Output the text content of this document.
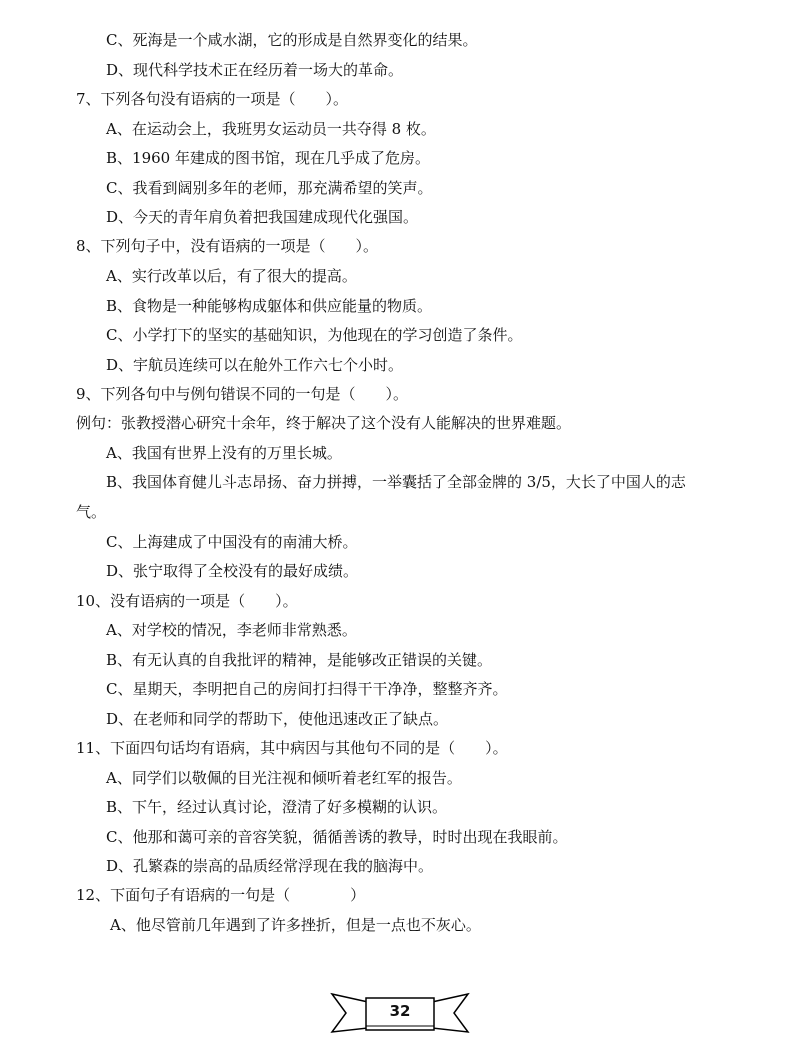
C、死海是一个咸水湖，它的形成是自然界变化的结果。
D、现代科学技术正在经历着一场大的革命。
7、下列各句没有语病的一项是（　　）。
A、在运动会上，我班男女运动员一共夺得 8 枚。
B、1960 年建成的图书馆，现在几乎成了危房。
C、我看到阔别多年的老师，那充满希望的笑声。
D、今天的青年肩负着把我国建成现代化强国。
8、下列句子中，没有语病的一项是（　　）。
A、实行改革以后，有了很大的提高。
B、食物是一种能够构成躯体和供应能量的物质。
C、小学打下的坚实的基础知识，为他现在的学习创造了条件。
D、宇航员连续可以在舱外工作六七个小时。
9、下列各句中与例句错误不同的一句是（　　）。
例句：张教授潜心研究十余年，终于解决了这个没有人能解决的世界难题。
A、我国有世界上没有的万里长城。
B、我国体育健儿斗志昂扬、奋力拼搏，一举囊括了全部金牌的 3/5，大长了中国人的志
气。
C、上海建成了中国没有的南浦大桥。
D、张宁取得了全校没有的最好成绩。
10、没有语病的一项是（　　）。
A、对学校的情况，李老师非常熟悉。
B、有无认真的自我批评的精神，是能够改正错误的关键。
C、星期天，李明把自己的房间打扫得干干净净，整整齐齐。
D、在老师和同学的帮助下，使他迅速改正了缺点。
11、下面四句话均有语病，其中病因与其他句不同的是（　　）。
A、同学们以敬佩的目光注视和倾听着老红军的报告。
B、下午，经过认真讨论，澄清了好多模糊的认识。
C、他那和蔼可亲的音容笑貌，循循善诱的教导，时时出现在我眼前。
D、孔繁森的崇高的品质经常浮现在我的脑海中。
12、下面句子有语病的一句是（　　　　）
A、他尽管前几年遇到了许多挫折，但是一点也不灰心。
32
